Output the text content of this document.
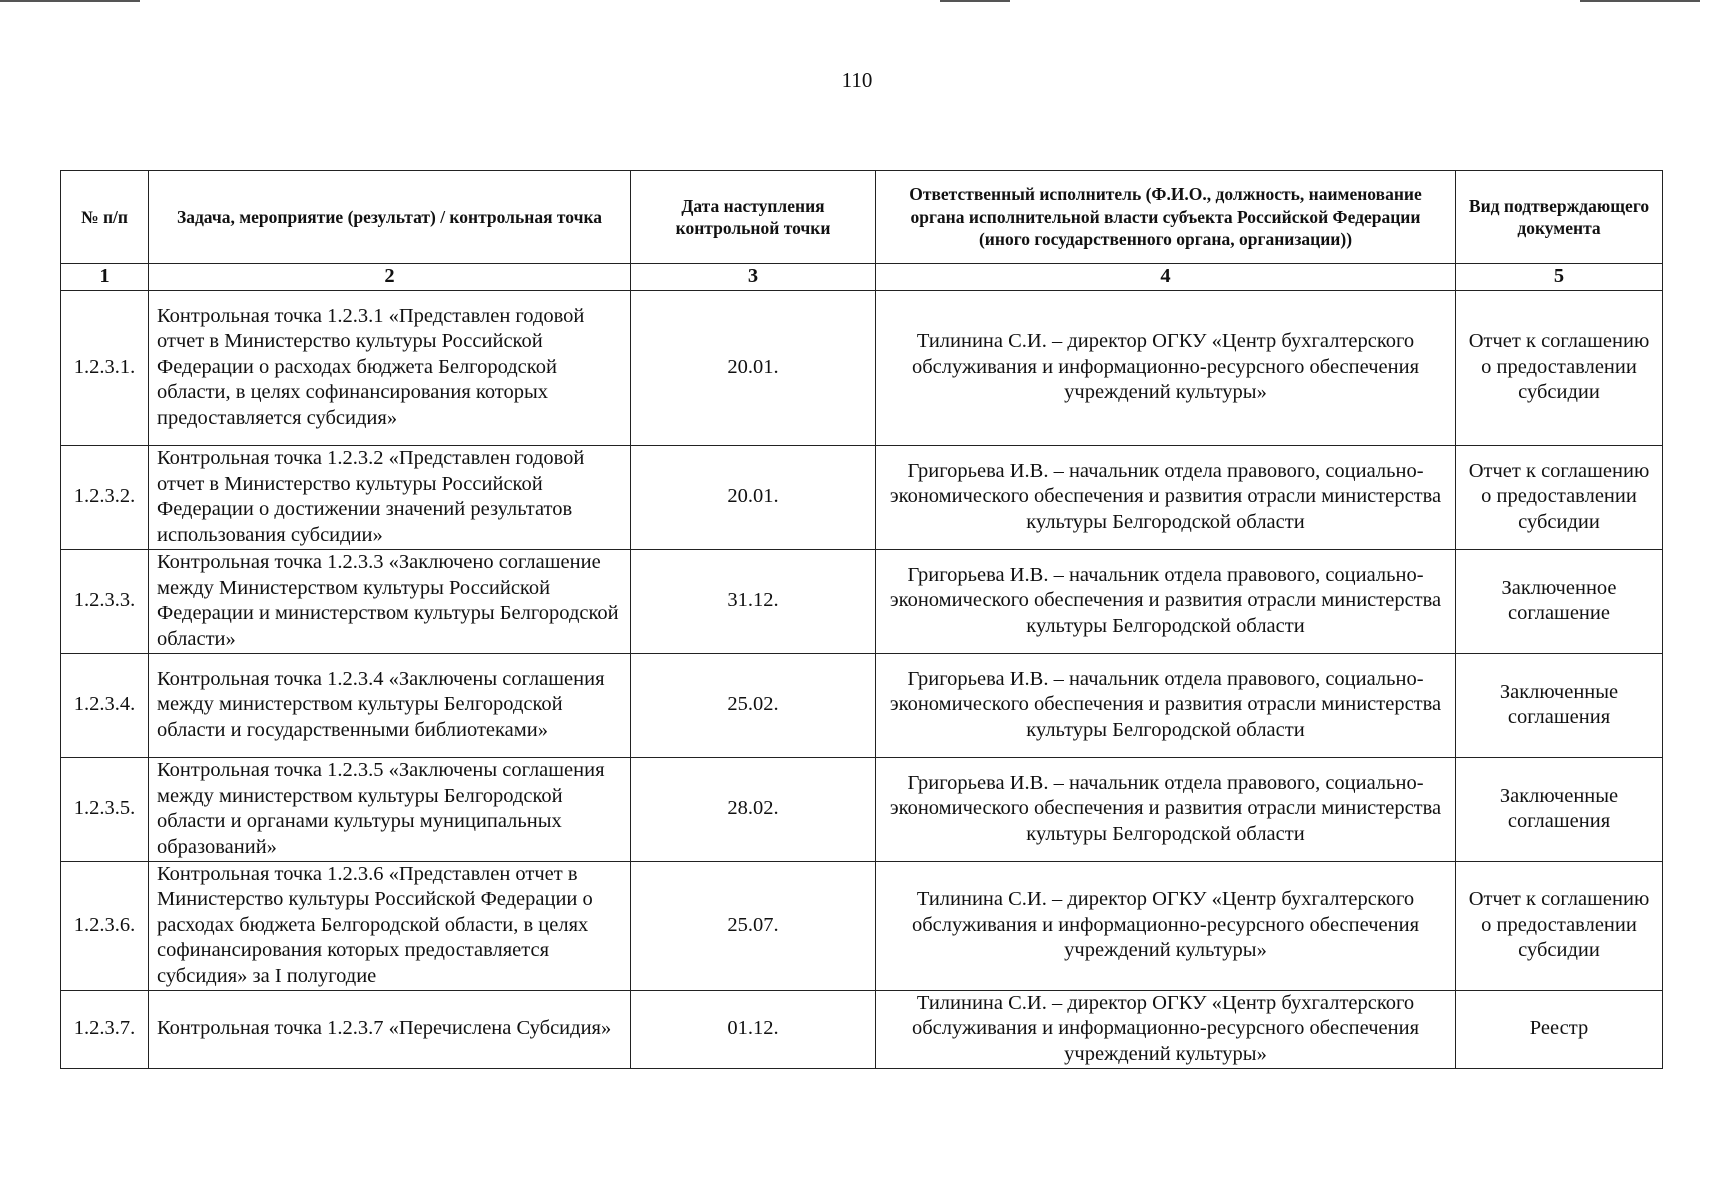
110
№ п/п	Задача, мероприятие (результат) / контрольная точка	Дата наступления контрольной точки	Ответственный исполнитель (Ф.И.О., должность, наименование органа исполнительной власти субъекта Российской Федерации (иного государственного органа, организации))	Вид подтверждающего документа
1	2	3	4	5
1.2.3.1.	Контрольная точка 1.2.3.1 «Представлен годовой отчет в Министерство культуры Российской Федерации о расходах бюджета Белгородской области, в целях софинансирования которых предоставляется субсидия»	20.01.	Тилинина С.И. – директор ОГКУ «Центр бухгалтерского обслуживания и информационно-ресурсного обеспечения учреждений культуры»	Отчет к соглашению о предоставлении субсидии
1.2.3.2.	Контрольная точка 1.2.3.2 «Представлен годовой отчет в Министерство культуры Российской Федерации о достижении значений результатов использования субсидии»	20.01.	Григорьева И.В. – начальник отдела правового, социально-экономического обеспечения и развития отрасли министерства культуры Белгородской области	Отчет к соглашению о предоставлении субсидии
1.2.3.3.	Контрольная точка 1.2.3.3 «Заключено соглашение между Министерством культуры Российской Федерации и министерством культуры Белгородской области»	31.12.	Григорьева И.В. – начальник отдела правового, социально-экономического обеспечения и развития отрасли министерства культуры Белгородской области	Заключенное соглашение
1.2.3.4.	Контрольная точка 1.2.3.4 «Заключены соглашения между министерством культуры Белгородской области и государственными библиотеками»	25.02.	Григорьева И.В. – начальник отдела правового, социально-экономического обеспечения и развития отрасли министерства культуры Белгородской области	Заключенные соглашения
1.2.3.5.	Контрольная точка 1.2.3.5 «Заключены соглашения между министерством культуры Белгородской области и органами культуры муниципальных образований»	28.02.	Григорьева И.В. – начальник отдела правового, социально-экономического обеспечения и развития отрасли министерства культуры Белгородской области	Заключенные соглашения
1.2.3.6.	Контрольная точка 1.2.3.6 «Представлен отчет в Министерство культуры Российской Федерации о расходах бюджета Белгородской области, в целях софинансирования которых предоставляется субсидия» за I полугодие	25.07.	Тилинина С.И. – директор ОГКУ «Центр бухгалтерского обслуживания и информационно-ресурсного обеспечения учреждений культуры»	Отчет к соглашению о предоставлении субсидии
1.2.3.7.	Контрольная точка 1.2.3.7 «Перечислена Субсидия»	01.12.	Тилинина С.И. – директор ОГКУ «Центр бухгалтерского обслуживания и информационно-ресурсного обеспечения учреждений культуры»	Реестр
